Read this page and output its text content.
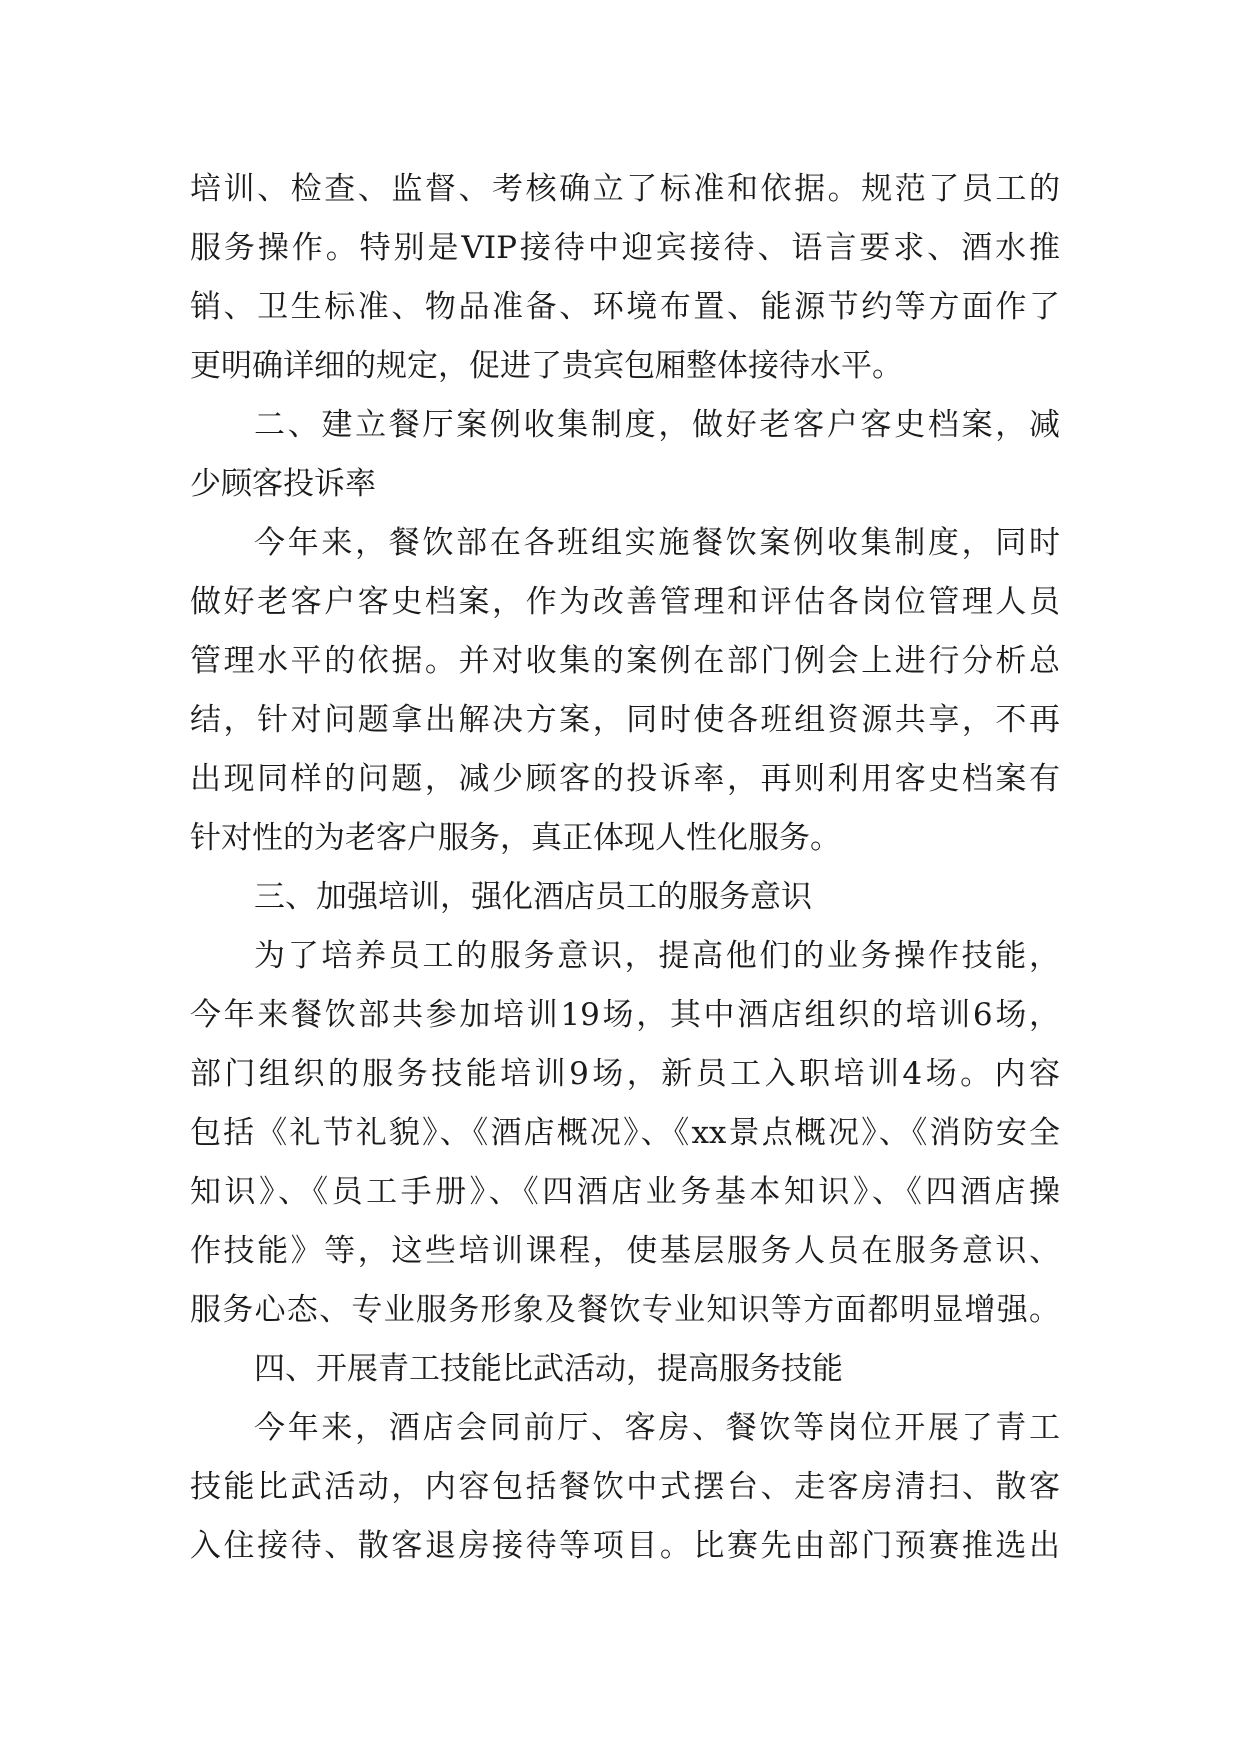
培训、检查、监督、考核确立了标准和依据。规范了员工的
服务操作。特别是VIP接待中迎宾接待、语言要求、酒水推
销、卫生标准、物品准备、环境布置、能源节约等方面作了
更明确详细的规定，促进了贵宾包厢整体接待水平。
二、建立餐厅案例收集制度，做好老客户客史档案，减
少顾客投诉率
今年来，餐饮部在各班组实施餐饮案例收集制度，同时
做好老客户客史档案，作为改善管理和评估各岗位管理人员
管理水平的依据。并对收集的案例在部门例会上进行分析总
结，针对问题拿出解决方案，同时使各班组资源共享，不再
出现同样的问题，减少顾客的投诉率，再则利用客史档案有
针对性的为老客户服务，真正体现人性化服务。
三、加强培训，强化酒店员工的服务意识
为了培养员工的服务意识，提高他们的业务操作技能，
今年来餐饮部共参加培训19场，其中酒店组织的培训6场，
部门组织的服务技能培训9场，新员工入职培训4场。内容
包括《礼节礼貌》、《酒店概况》、《xx景点概况》、《消防安全
知识》、《员工手册》、《四酒店业务基本知识》、《四酒店操
作技能》等，这些培训课程，使基层服务人员在服务意识、
服务心态、专业服务形象及餐饮专业知识等方面都明显增强。
四、开展青工技能比武活动，提高服务技能
今年来，酒店会同前厅、客房、餐饮等岗位开展了青工
技能比武活动，内容包括餐饮中式摆台、走客房清扫、散客
入住接待、散客退房接待等项目。比赛先由部门预赛推选出
